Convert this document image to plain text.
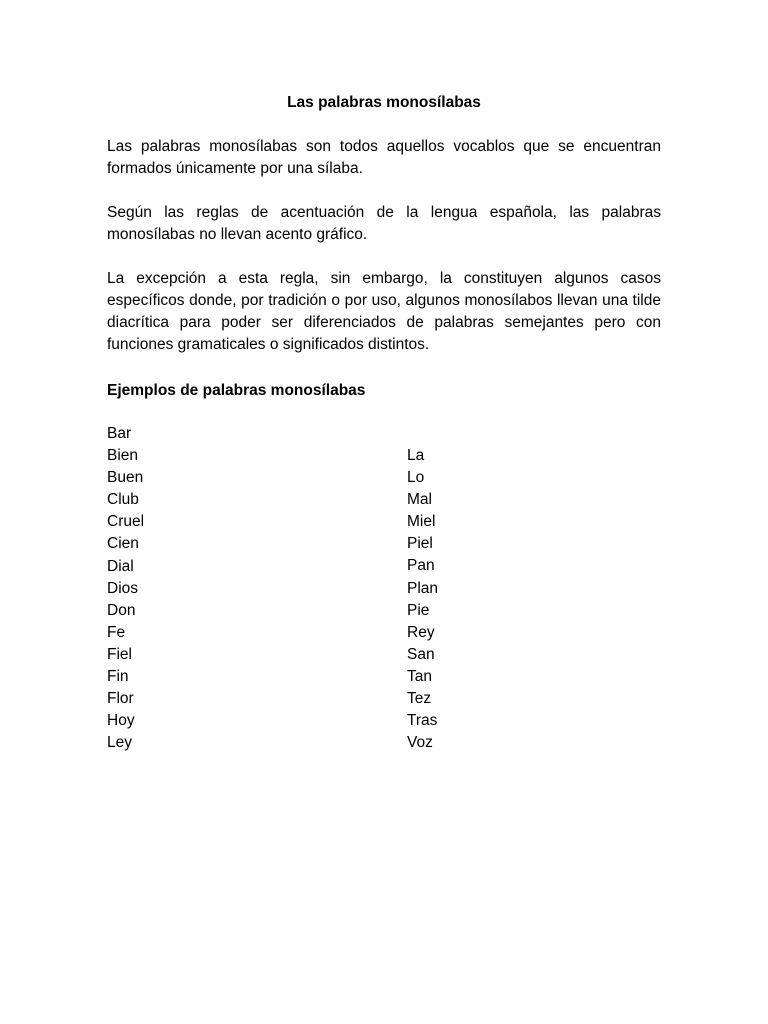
Las palabras monosílabas

Las palabras monosílabas son todos aquellos vocablos que se encuentran formados únicamente por una sílaba.

Según las reglas de acentuación de la lengua española, las palabras monosílabas no llevan acento gráfico.

La excepción a esta regla, sin embargo, la constituyen algunos casos específicos donde, por tradición o por uso, algunos monosílabos llevan una tilde diacrítica para poder ser diferenciados de palabras semejantes pero con funciones gramaticales o significados distintos.

Ejemplos de palabras monosílabas
Bar
Bien
Buen
Club
Cruel
Cien
Dial
Dios
Don
Fe
Fiel
Fin
Flor
Hoy
Ley
La
Lo
Mal
Miel
Piel
Pan
Plan
Pie
Rey
San
Tan
Tez
Tras
Voz
